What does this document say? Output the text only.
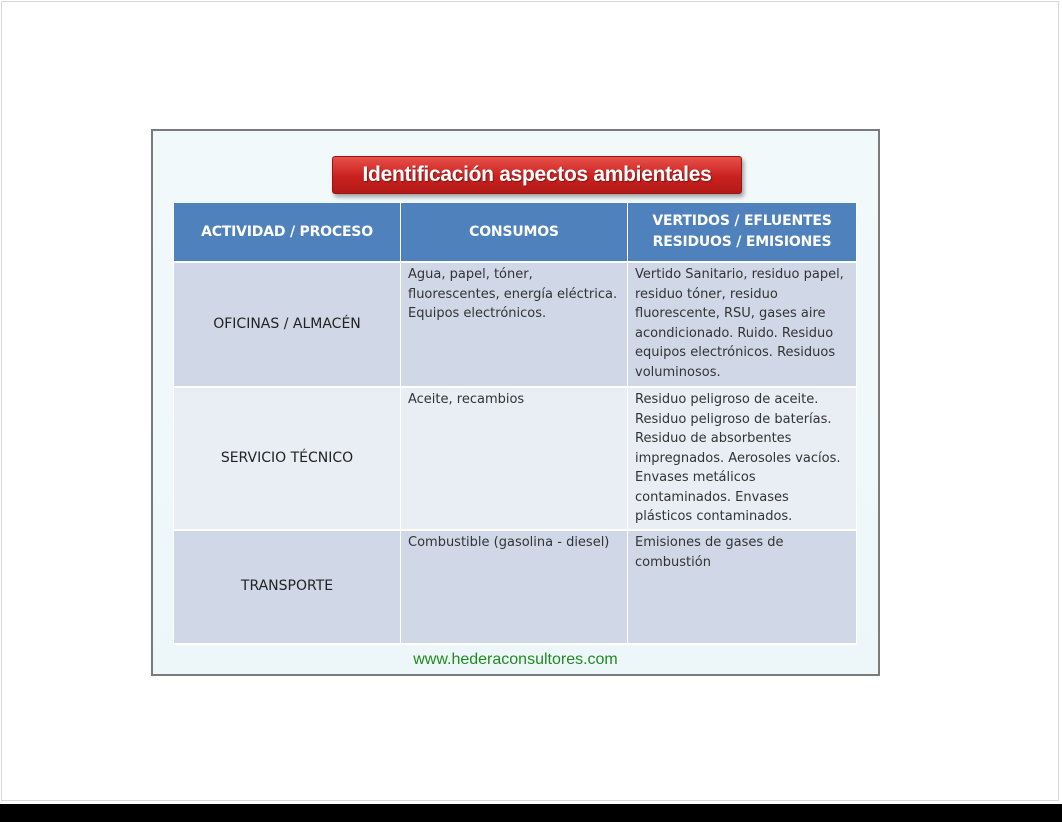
Identificación aspectos ambientales
ACTIVIDAD / PROCESO	CONSUMOS	VERTIDOS / EFLUENTES
RESIDUOS / EMISIONES
OFICINAS / ALMACÉN	Agua, papel, tóner, fluorescentes, energía eléctrica. Equipos electrónicos.	Vertido Sanitario, residuo papel, residuo tóner, residuo fluorescente, RSU, gases aire acondicionado. Ruido. Residuo equipos electrónicos. Residuos voluminosos.
SERVICIO TÉCNICO	Aceite, recambios	Residuo peligroso de aceite. Residuo peligroso de baterías. Residuo de absorbentes impregnados. Aerosoles vacíos. Envases metálicos contaminados. Envases plásticos contaminados.
TRANSPORTE	Combustible (gasolina - diesel)	Emisiones de gases de combustión
www.hederaconsultores.com
